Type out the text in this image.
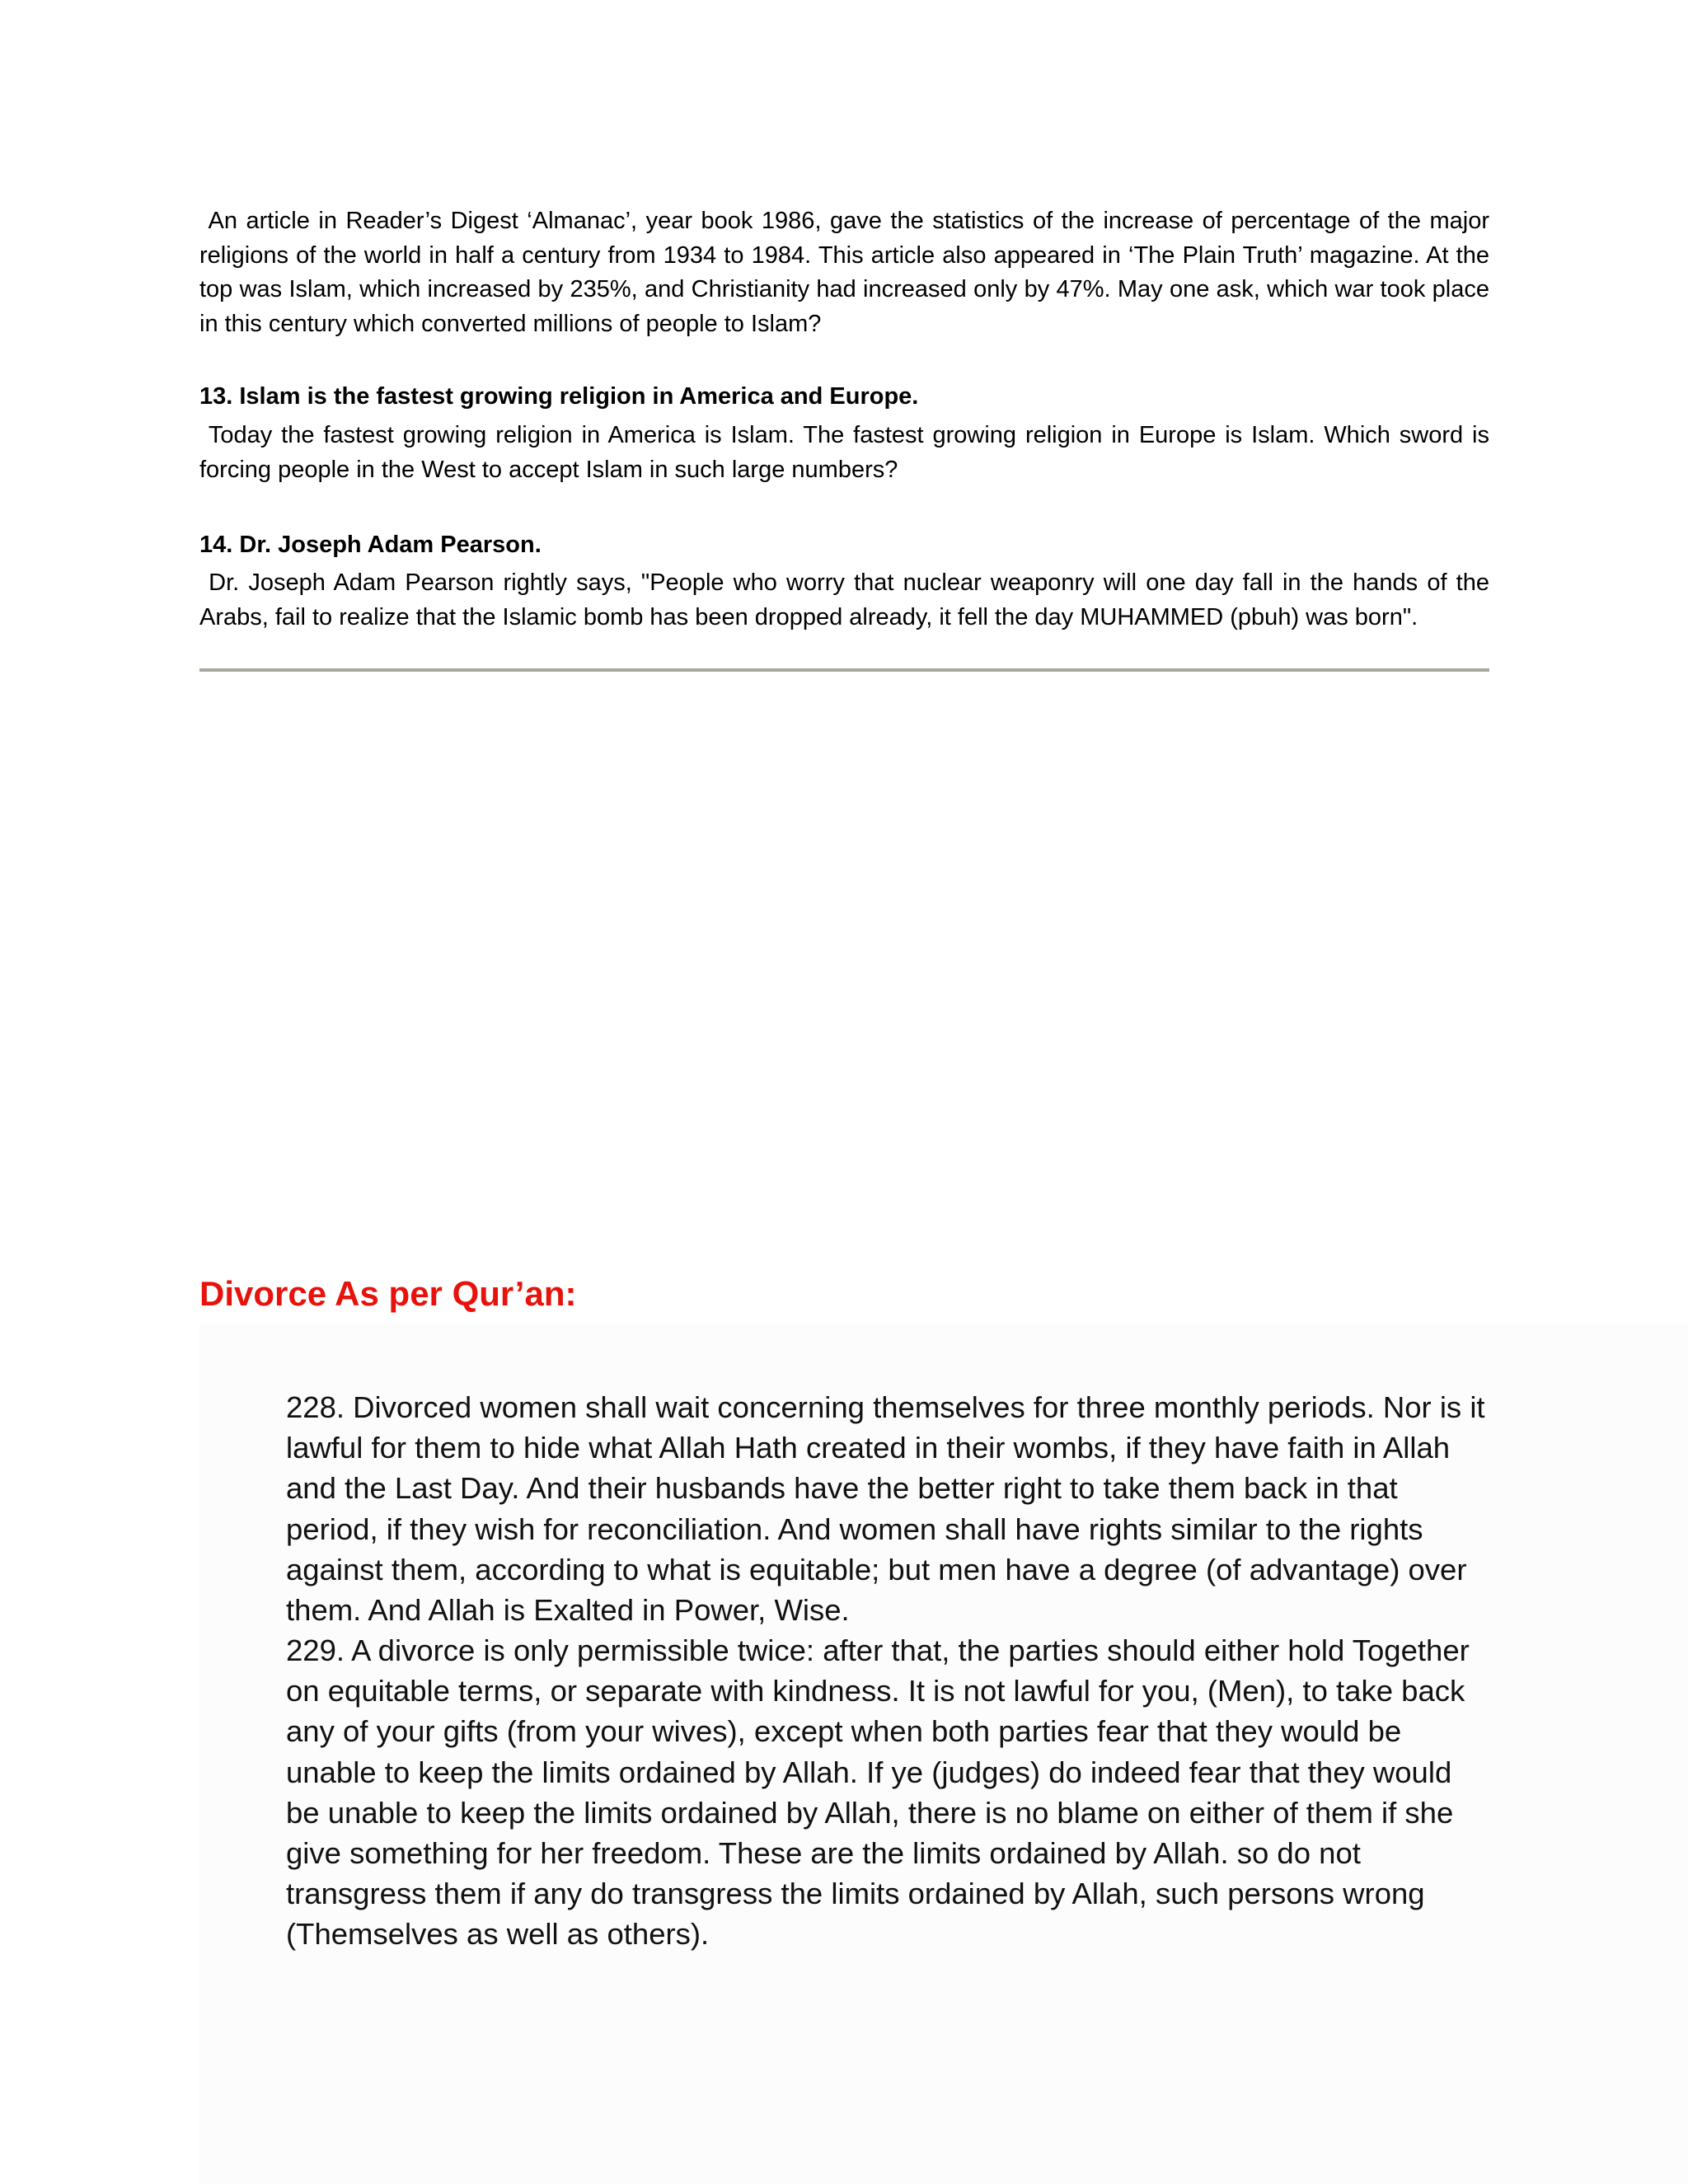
An article in Reader’s Digest ‘Almanac’, year book 1986, gave the statistics of the increase of percentage of the major religions of the world in half a century from 1934 to 1984. This article also appeared in ‘The Plain Truth’ magazine. At the top was Islam, which increased by 235%, and Christianity had increased only by 47%. May one ask, which war took place in this century which converted millions of people to Islam?

13. Islam is the fastest growing religion in America and Europe.

Today the fastest growing religion in America is Islam. The fastest growing religion in Europe is Islam. Which sword is forcing people in the West to accept Islam in such large numbers?

14. Dr. Joseph Adam Pearson.

Dr. Joseph Adam Pearson rightly says, "People who worry that nuclear weaponry will one day fall in the hands of the Arabs, fail to realize that the Islamic bomb has been dropped already, it fell the day MUHAMMED (pbuh) was born".

Divorce As per Qur’an:

228. Divorced women shall wait concerning themselves for three monthly periods. Nor is it lawful for them to hide what Allah Hath created in their wombs, if they have faith in Allah and the Last Day. And their husbands have the better right to take them back in that period, if they wish for reconciliation. And women shall have rights similar to the rights against them, according to what is equitable; but men have a degree (of advantage) over them. And Allah is Exalted in Power, Wise.

229. A divorce is only permissible twice: after that, the parties should either hold Together on equitable terms, or separate with kindness. It is not lawful for you, (Men), to take back any of your gifts (from your wives), except when both parties fear that they would be unable to keep the limits ordained by Allah. If ye (judges) do indeed fear that they would be unable to keep the limits ordained by Allah, there is no blame on either of them if she give something for her freedom. These are the limits ordained by Allah. so do not transgress them if any do transgress the limits ordained by Allah, such persons wrong (Themselves as well as others).
